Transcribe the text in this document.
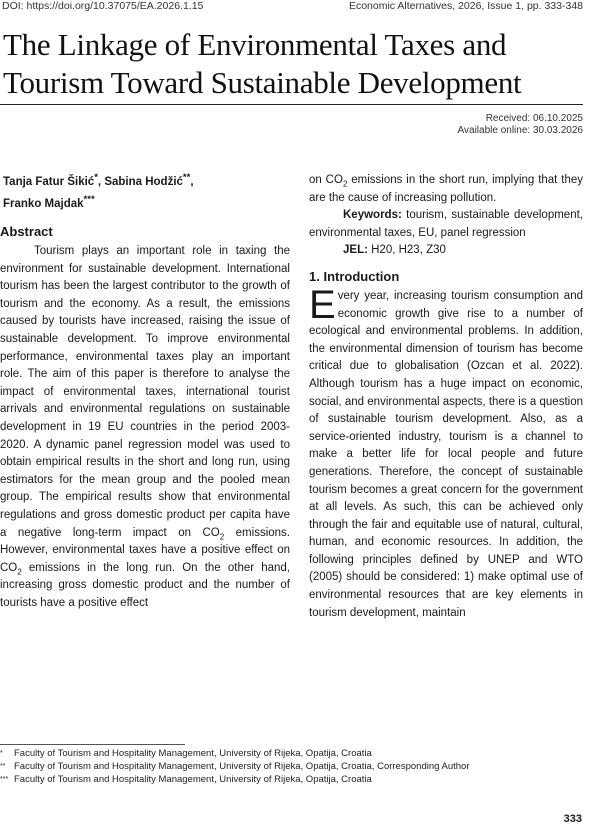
DOI: https://doi.org/10.37075/EA.2026.1.15	Economic Alternatives, 2026, Issue 1, pp. 333-348
The Linkage of Environmental Taxes and
Tourism Toward Sustainable Development
Received: 06.10.2025
Available online: 30.03.2026
Tanja Fatur Šikić*, Sabina Hodžić**,
Franko Majdak***
Abstract

Tourism plays an important role in taxing the environment for sustainable development. International tourism has been the largest contributor to the growth of tourism and the economy. As a result, the emissions caused by tourists have increased, raising the issue of sustainable development. To improve environmental performance, environmental taxes play an important role. The aim of this paper is therefore to analyse the impact of environmental taxes, international tourist arrivals and environmental regulations on sustainable development in 19 EU countries in the period 2003-2020. A dynamic panel regression model was used to obtain empirical results in the short and long run, using estimators for the mean group and the pooled mean group. The empirical results show that environmental regulations and gross domestic product per capita have a negative long-term impact on $CO_2$ emissions. However, environmental taxes have a positive effect on $CO_2$ emissions in the long run. On the other hand, increasing gross domestic product and the number of tourists have a positive effect

on $CO_2$ emissions in the short run, implying that they are the cause of increasing pollution.

Keywords: tourism, sustainable development, environmental taxes, EU, panel regression

JEL: H20, H23, Z30

1. Introduction

Every year, increasing tourism consumption and economic growth give rise to a number of ecological and environmental problems. In addition, the environmental dimension of tourism has become critical due to globalisation (Ozcan et al. 2022). Although tourism has a huge impact on economic, social, and environmental aspects, there is a question of sustainable tourism development. Also, as a service-oriented industry, tourism is a channel to make a better life for local people and future generations. Therefore, the concept of sustainable tourism becomes a great concern for the government at all levels. As such, this can be achieved only through the fair and equitable use of natural, cultural, human, and economic resources. In addition, the following principles defined by UNEP and WTO (2005) should be considered: 1) make optimal use of environmental resources that are key elements in tourism development, maintain

* Faculty of Tourism and Hospitality Management, University of Rijeka, Opatija, Croatia
** Faculty of Tourism and Hospitality Management, University of Rijeka, Opatija, Croatia, Corresponding Author
*** Faculty of Tourism and Hospitality Management, University of Rijeka, Opatija, Croatia
333
